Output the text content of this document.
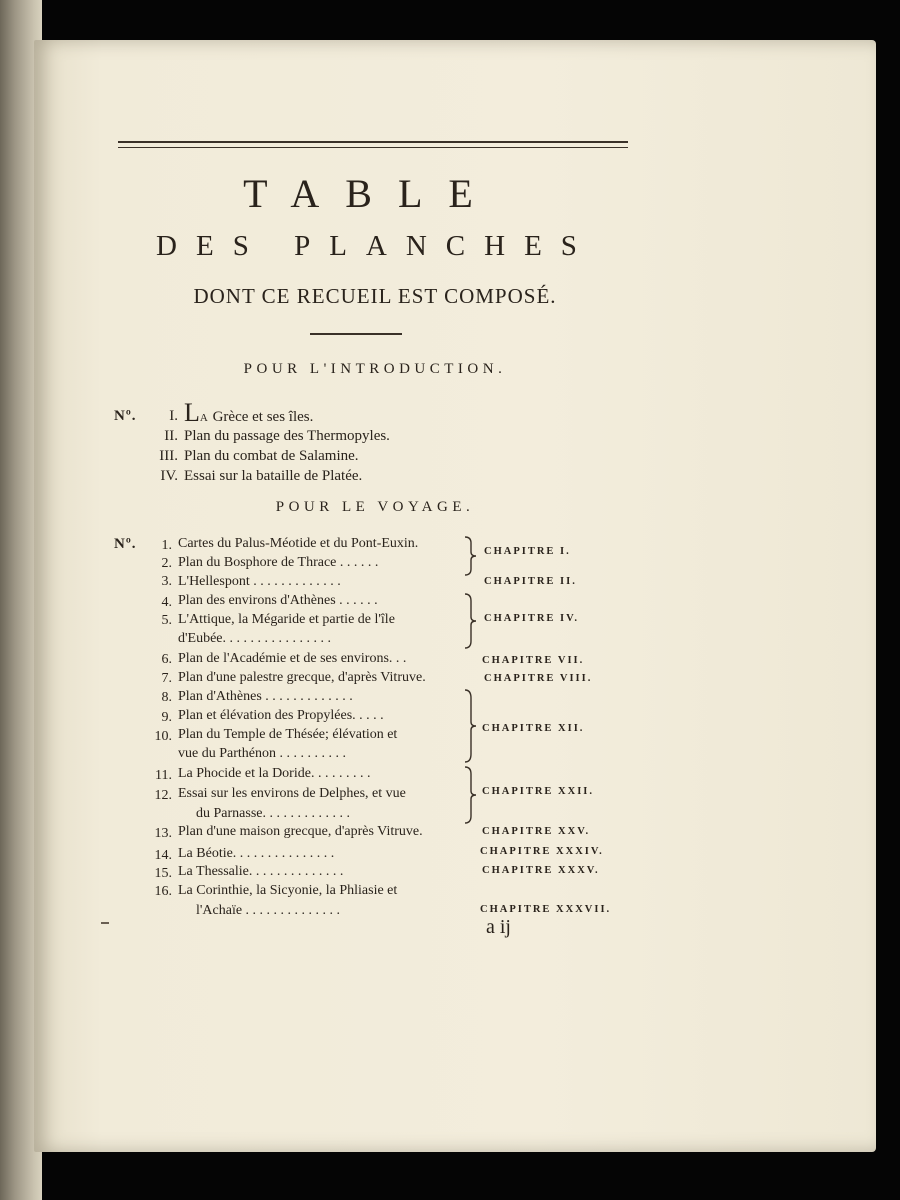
TABLE
DES PLANCHES
DONT CE RECUEIL EST COMPOSÉ.
POUR L'INTRODUCTION.
Nº.	I. LA Grèce et ses îles.
II. Plan du passage des Thermopyles.
III. Plan du combat de Salamine.
IV. Essai sur la bataille de Platée.
POUR LE VOYAGE.
Nº.	1. Cartes du Palus-Méotide et du Pont-Euxin.
2. Plan du Bosphore de Thrace . . . . . .
3. L'Hellespont . . . . . . . . . . . . .
4. Plan des environs d'Athènes . . . . . .
5. L'Attique, la Mégaride et partie de l'île
d'Eubée. . . . . . . . . . . . . . . .
6. Plan de l'Académie et de ses environs. . .
7. Plan d'une palestre grecque, d'après Vitruve.
8. Plan d'Athènes . . . . . . . . . . . . .
9. Plan et élévation des Propylées. . . . .
10. Plan du Temple de Thésée; élévation et
vue du Parthénon . . . . . . . . . .
11. La Phocide et la Doride. . . . . . . . .
12. Essai sur les environs de Delphes, et vue
du Parnasse. . . . . . . . . . . . .
13. Plan d'une maison grecque, d'après Vitruve.
14. La Béotie. . . . . . . . . . . . . . .
15. La Thessalie. . . . . . . . . . . . . .
16. La Corinthie, la Sicyonie, la Phliasie et
l'Achaïe . . . . . . . . . . . . . .
CHAPITRE I.
CHAPITRE II.
CHAPITRE IV.
CHAPITRE VII.
CHAPITRE VIII.
CHAPITRE XII.
CHAPITRE XXII.
CHAPITRE XXV.
CHAPITRE XXXIV.
CHAPITRE XXXV.
CHAPITRE XXXVII.
a ij
